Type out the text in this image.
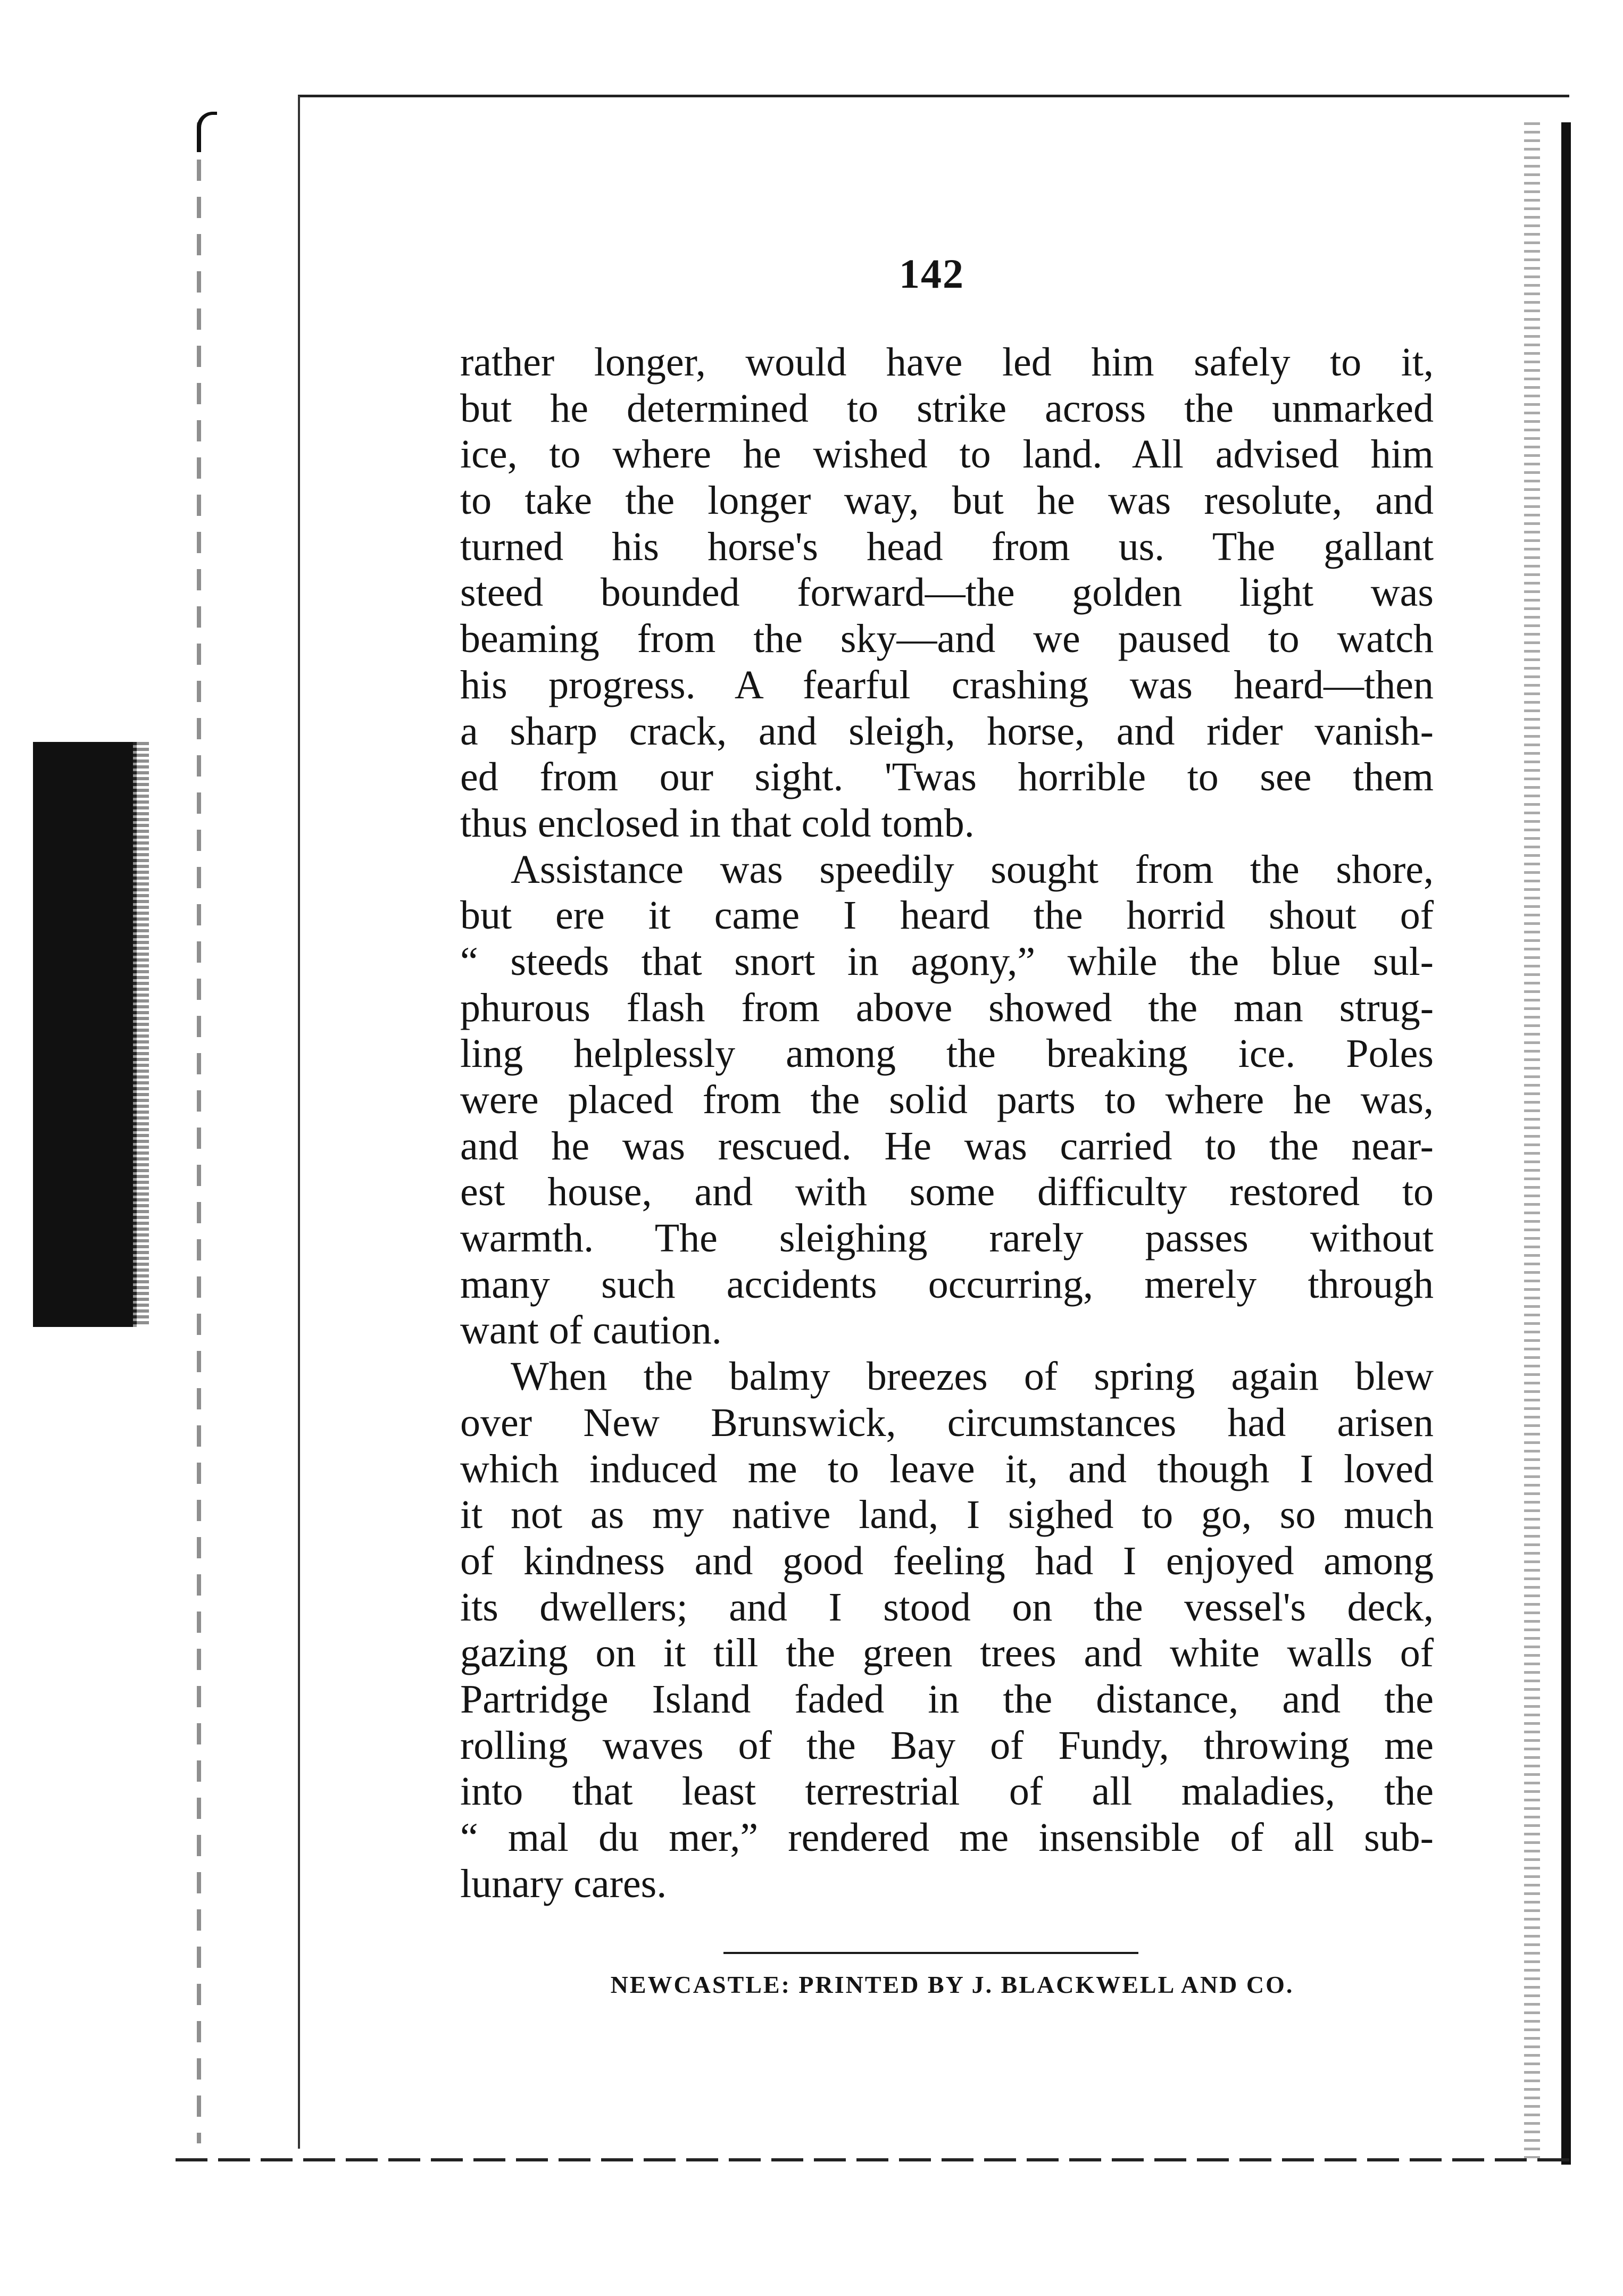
142
rather longer, would have led him safely to it,
but he determined to strike across the unmarked
ice, to where he wished to land. All advised him
to take the longer way, but he was resolute, and
turned his horse's head from us. The gallant
steed bounded forward—the golden light was
beaming from the sky—and we paused to watch
his progress. A fearful crashing was heard—then
a sharp crack, and sleigh, horse, and rider vanish-
ed from our sight. 'Twas horrible to see them
thus enclosed in that cold tomb.
Assistance was speedily sought from the shore,
but ere it came I heard the horrid shout of
“ steeds that snort in agony,” while the blue sul-
phurous flash from above showed the man strug-
ling helplessly among the breaking ice. Poles
were placed from the solid parts to where he was,
and he was rescued. He was carried to the near-
est house, and with some difficulty restored to
warmth. The sleighing rarely passes without
many such accidents occurring, merely through
want of caution.
When the balmy breezes of spring again blew
over New Brunswick, circumstances had arisen
which induced me to leave it, and though I loved
it not as my native land, I sighed to go, so much
of kindness and good feeling had I enjoyed among
its dwellers; and I stood on the vessel's deck,
gazing on it till the green trees and white walls of
Partridge Island faded in the distance, and the
rolling waves of the Bay of Fundy, throwing me
into that least terrestrial of all maladies, the
“ mal du mer,” rendered me insensible of all sub-
lunary cares.
NEWCASTLE: PRINTED BY J. BLACKWELL AND CO.
